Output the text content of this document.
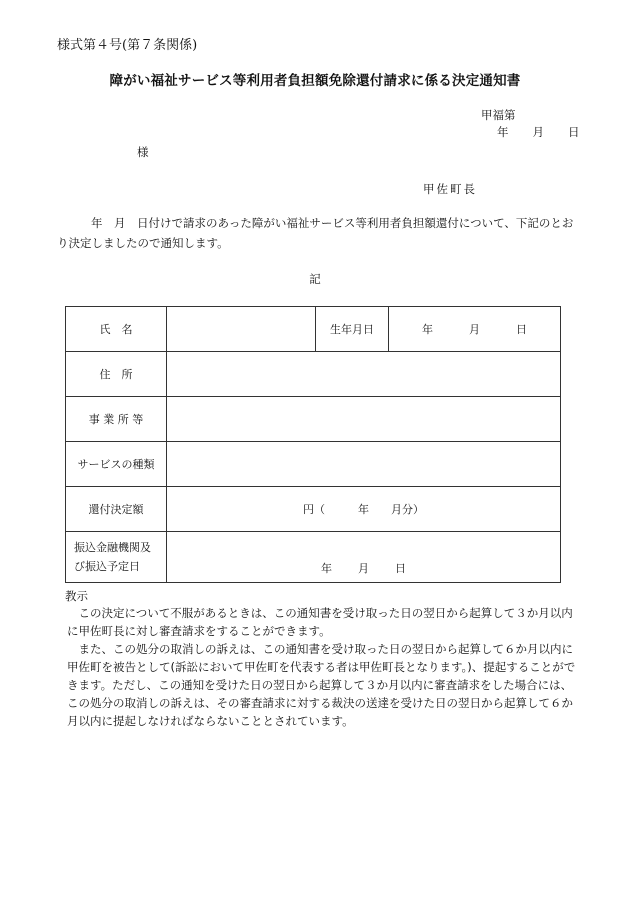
様式第４号(第７条関係)
障がい福祉サービス等利用者負担額免除還付請求に係る決定通知書
甲福第
年 月 日
様
甲佐町長
年　月　日付けで請求のあった障がい福祉サービス等利用者負担額還付について、下記のとおり決定しましたので通知します。
記
氏　名		生年月日	年 月 日
住　所			
事 業 所 等			
サービスの種類			
還付決定額	円（　　　年　　月分）		

振込金融機関及び振込予定日	年 月 日		
教示

この決定について不服があるときは、この通知書を受け取った日の翌日から起算して３か月以内に甲佐町長に対し審査請求をすることができます。

また、この処分の取消しの訴えは、この通知書を受け取った日の翌日から起算して６か月以内に甲佐町を被告として(訴訟において甲佐町を代表する者は甲佐町長となります。)、提起することができます。ただし、この通知を受けた日の翌日から起算して３か月以内に審査請求をした場合には、この処分の取消しの訴えは、その審査請求に対する裁決の送達を受けた日の翌日から起算して６か月以内に提起しなければならないこととされています。
